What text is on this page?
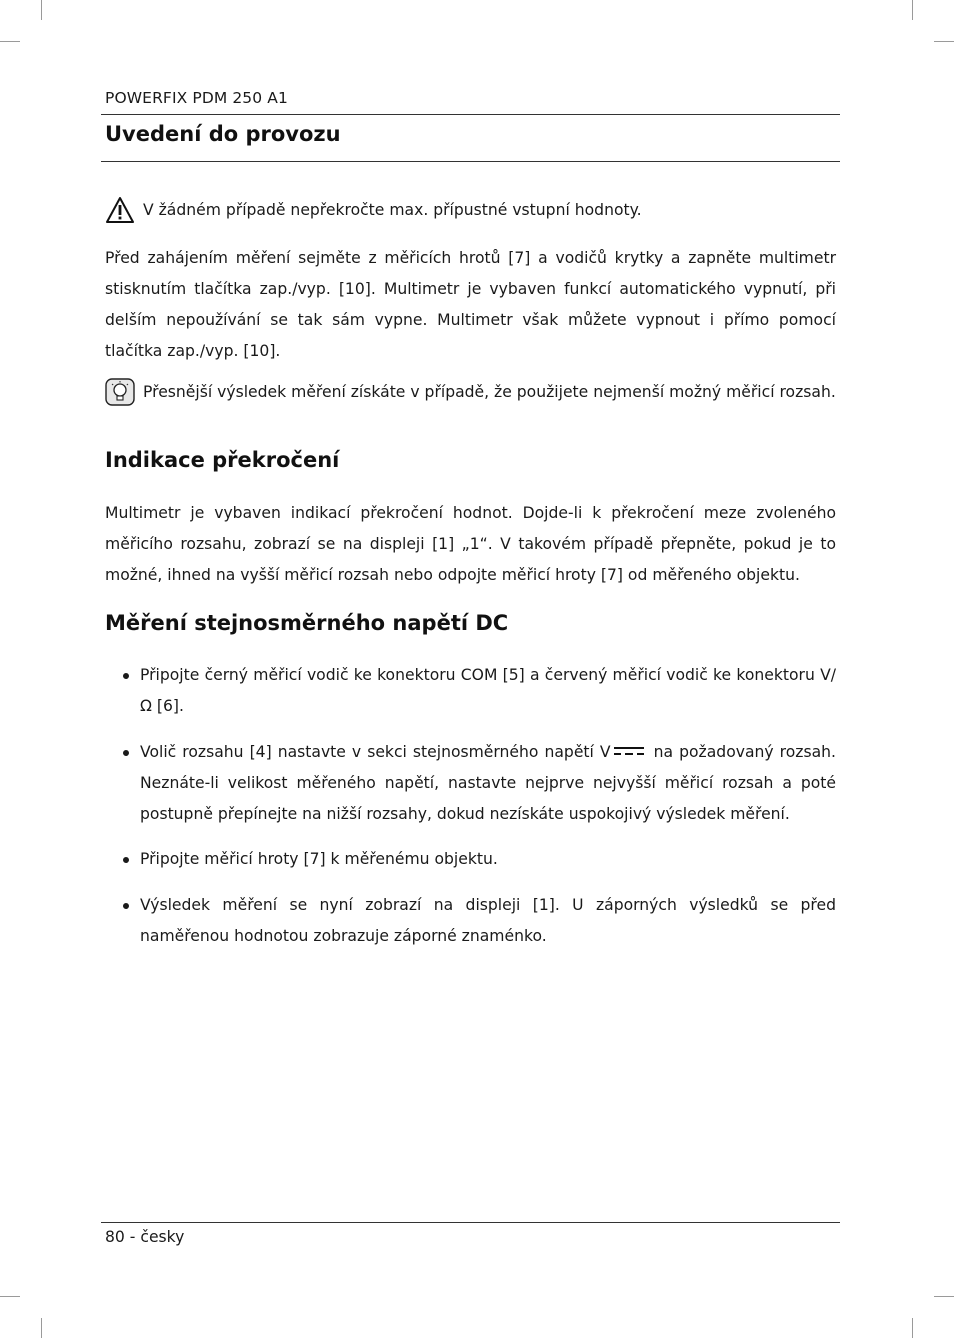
POWERFIX PDM 250 A1
Uvedení do provozu
V žádném případě nepřekročte max. přípustné vstupní hodnoty.

Před zahájením měření sejměte z měřicích hrotů [7] a vodičů krytky a zapněte multimetr stisknutím tlačítka zap./vyp. [10]. Multimetr je vybaven funkcí automatického vypnutí, při delším nepoužívání se tak sám vypne. Multimetr však můžete vypnout i přímo pomocí tlačítka zap./vyp. [10].

Přesnější výsledek měření získáte v případě, že použijete nejmenší možný měřicí rozsah.
Indikace překročení

Multimetr je vybaven indikací překročení hodnot. Dojde-li k překročení meze zvoleného měřicího rozsahu, zobrazí se na displeji [1] „1“. V takovém případě přepněte, pokud je to možné, ihned na vyšší měřicí rozsah nebo odpojte měřicí hroty [7] od měřeného objektu.

Měření stejnosměrného napětí DC
Připojte černý měřicí vodič ke konektoru COM [5] a červený měřicí vodič ke konektoru V/Ω [6].
Volič rozsahu [4] nastavte v sekci stejnosměrného napětí V na požadovaný rozsah. Neznáte-li velikost měřeného napětí, nastavte nejprve nejvyšší měřicí rozsah a poté postupně přepínejte na nižší rozsahy, dokud nezískáte uspokojivý výsledek měření.
Připojte měřicí hroty [7] k měřenému objektu.
Výsledek měření se nyní zobrazí na displeji [1]. U záporných výsledků se před naměřenou hodnotou zobrazuje záporné znaménko.
80 - česky
